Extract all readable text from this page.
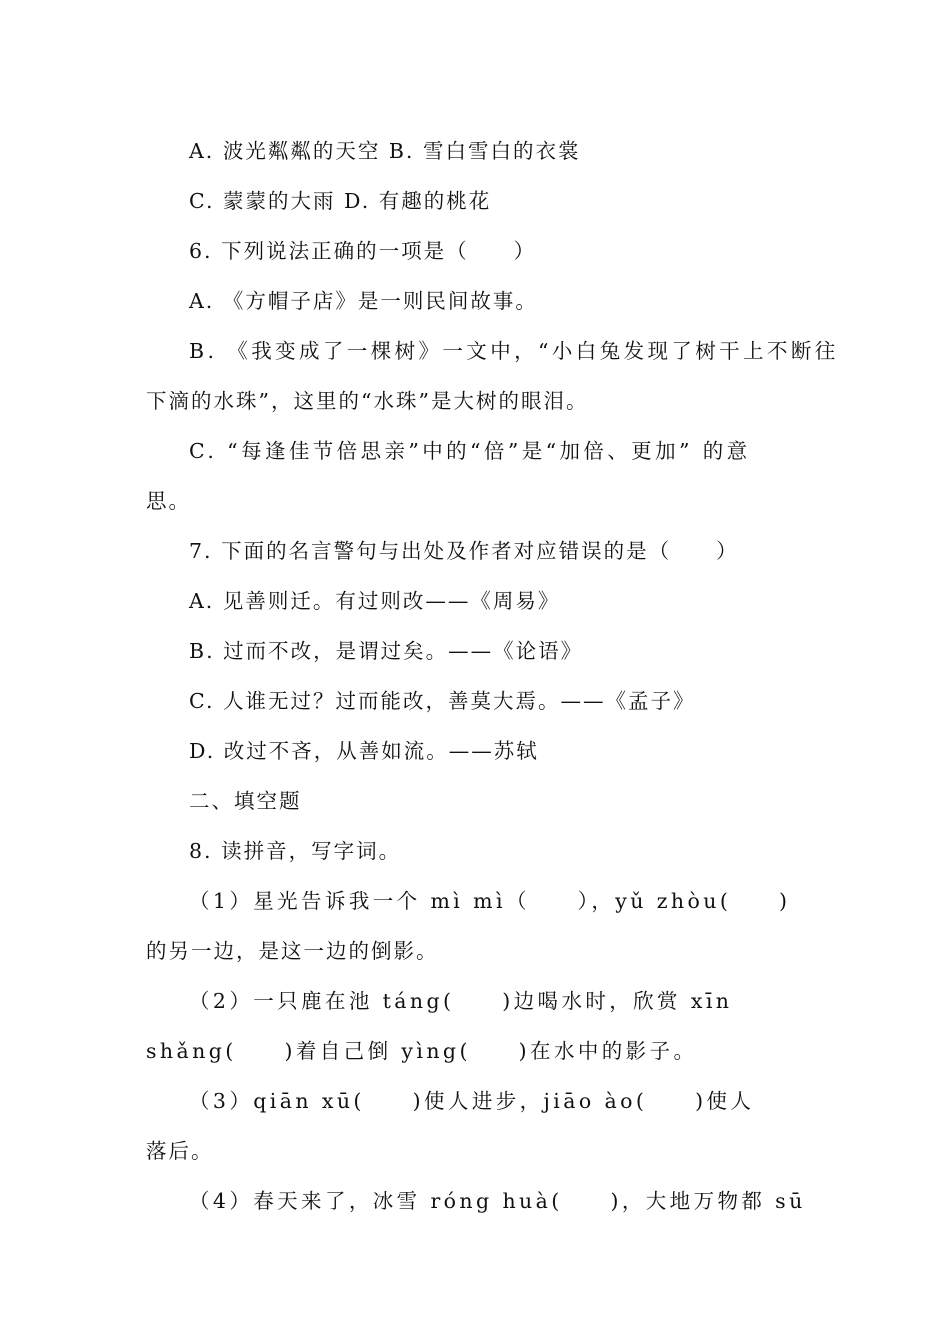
A. 波光粼粼的天空 B. 雪白雪白的衣裳
C. 蒙蒙的大雨 D. 有趣的桃花
6. 下列说法正确的一项是（　　）
A. 《方帽子店》是一则民间故事。
B. 《我变成了一棵树》一文中，“小白兔发现了树干上不断往
下滴的水珠”，这里的“水珠”是大树的眼泪。
C. “每逢佳节倍思亲”中的“倍”是“加倍、更加” 的意
思。
7. 下面的名言警句与出处及作者对应错误的是（　　）
A. 见善则迁。有过则改——《周易》
B. 过而不改，是谓过矣。——《论语》
C. 人谁无过？过而能改，善莫大焉。——《孟子》
D. 改过不吝，从善如流。——苏轼
二、填空题
8. 读拼音，写字词。
（1）星光告诉我一个 mì mì（　　），yǔ zhòu(　　)
的另一边，是这一边的倒影。
（2）一只鹿在池 táng(　　)边喝水时，欣赏 xīn
shǎng(　　)着自己倒 yìng(　　)在水中的影子。
（3）qiān xū(　　)使人进步，jiāo ào(　　)使人
落后。
（4）春天来了，冰雪 róng huà(　　)，大地万物都 sū
